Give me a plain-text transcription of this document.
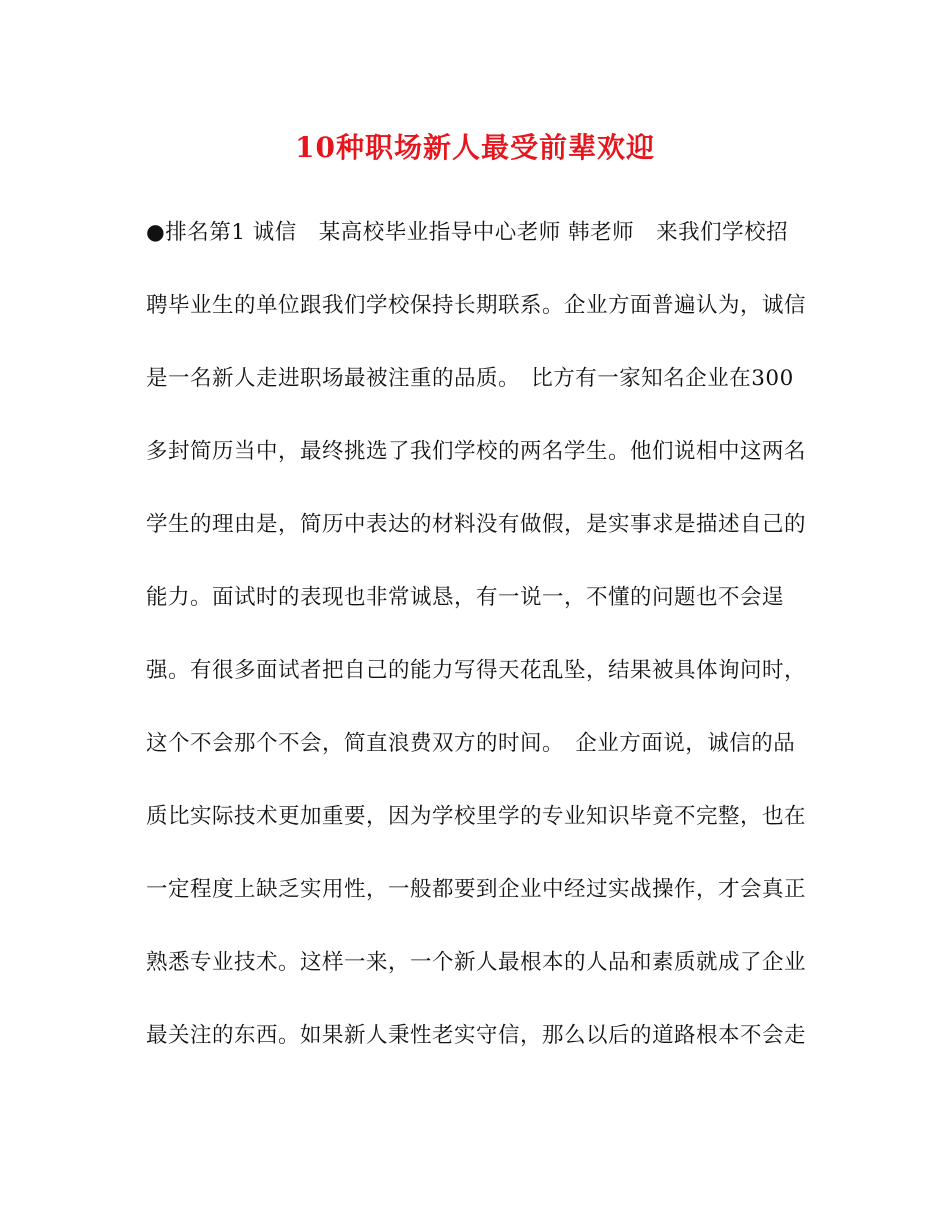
10种职场新人最受前辈欢迎
●排名第1 诚信　某高校毕业指导中心老师 韩老师　来我们学校招
聘毕业生的单位跟我们学校保持长期联系。企业方面普遍认为，诚信
是一名新人走进职场最被注重的品质。　比方有一家知名企业在300
多封简历当中，最终挑选了我们学校的两名学生。他们说相中这两名
学生的理由是，简历中表达的材料没有做假，是实事求是描述自己的
能力。面试时的表现也非常诚恳，有一说一，不懂的问题也不会逞
强。有很多面试者把自己的能力写得天花乱坠，结果被具体询问时，
这个不会那个不会，简直浪费双方的时间。　企业方面说，诚信的品
质比实际技术更加重要，因为学校里学的专业知识毕竟不完整，也在
一定程度上缺乏实用性，一般都要到企业中经过实战操作，才会真正
熟悉专业技术。这样一来，一个新人最根本的人品和素质就成了企业
最关注的东西。如果新人秉性老实守信，那么以后的道路根本不会走
